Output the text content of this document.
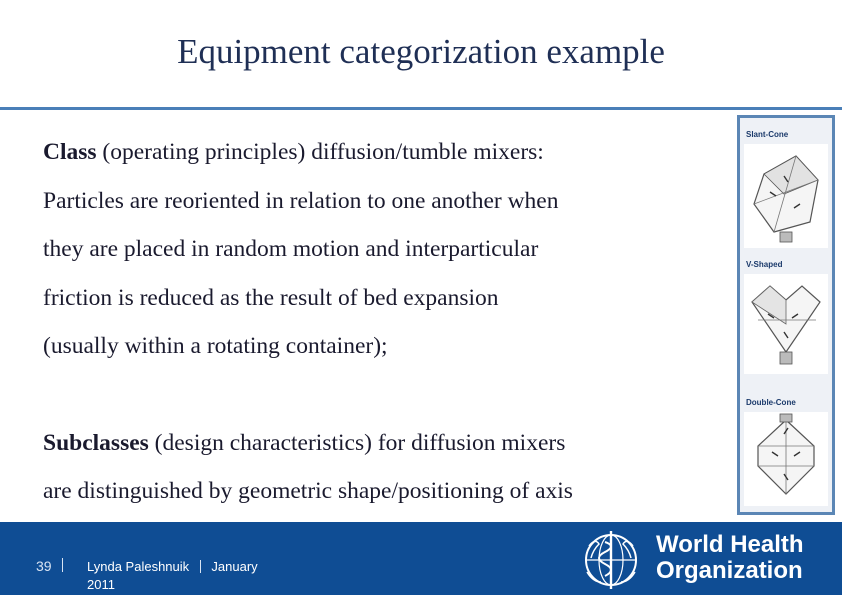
Equipment categorization example

Class (operating principles) diffusion/tumble mixers:

Particles are reoriented in relation to one another when

they are placed in random motion and interparticular

friction is reduced as the result of bed expansion

(usually within a rotating container);

Subclasses (design characteristics) for diffusion mixers

are distinguished by geometric shape/positioning of axis

Slant-Cone
V-Shaped
Double-Cone
39	Lynda Paleshnuik January
2011
World Health
Organization
